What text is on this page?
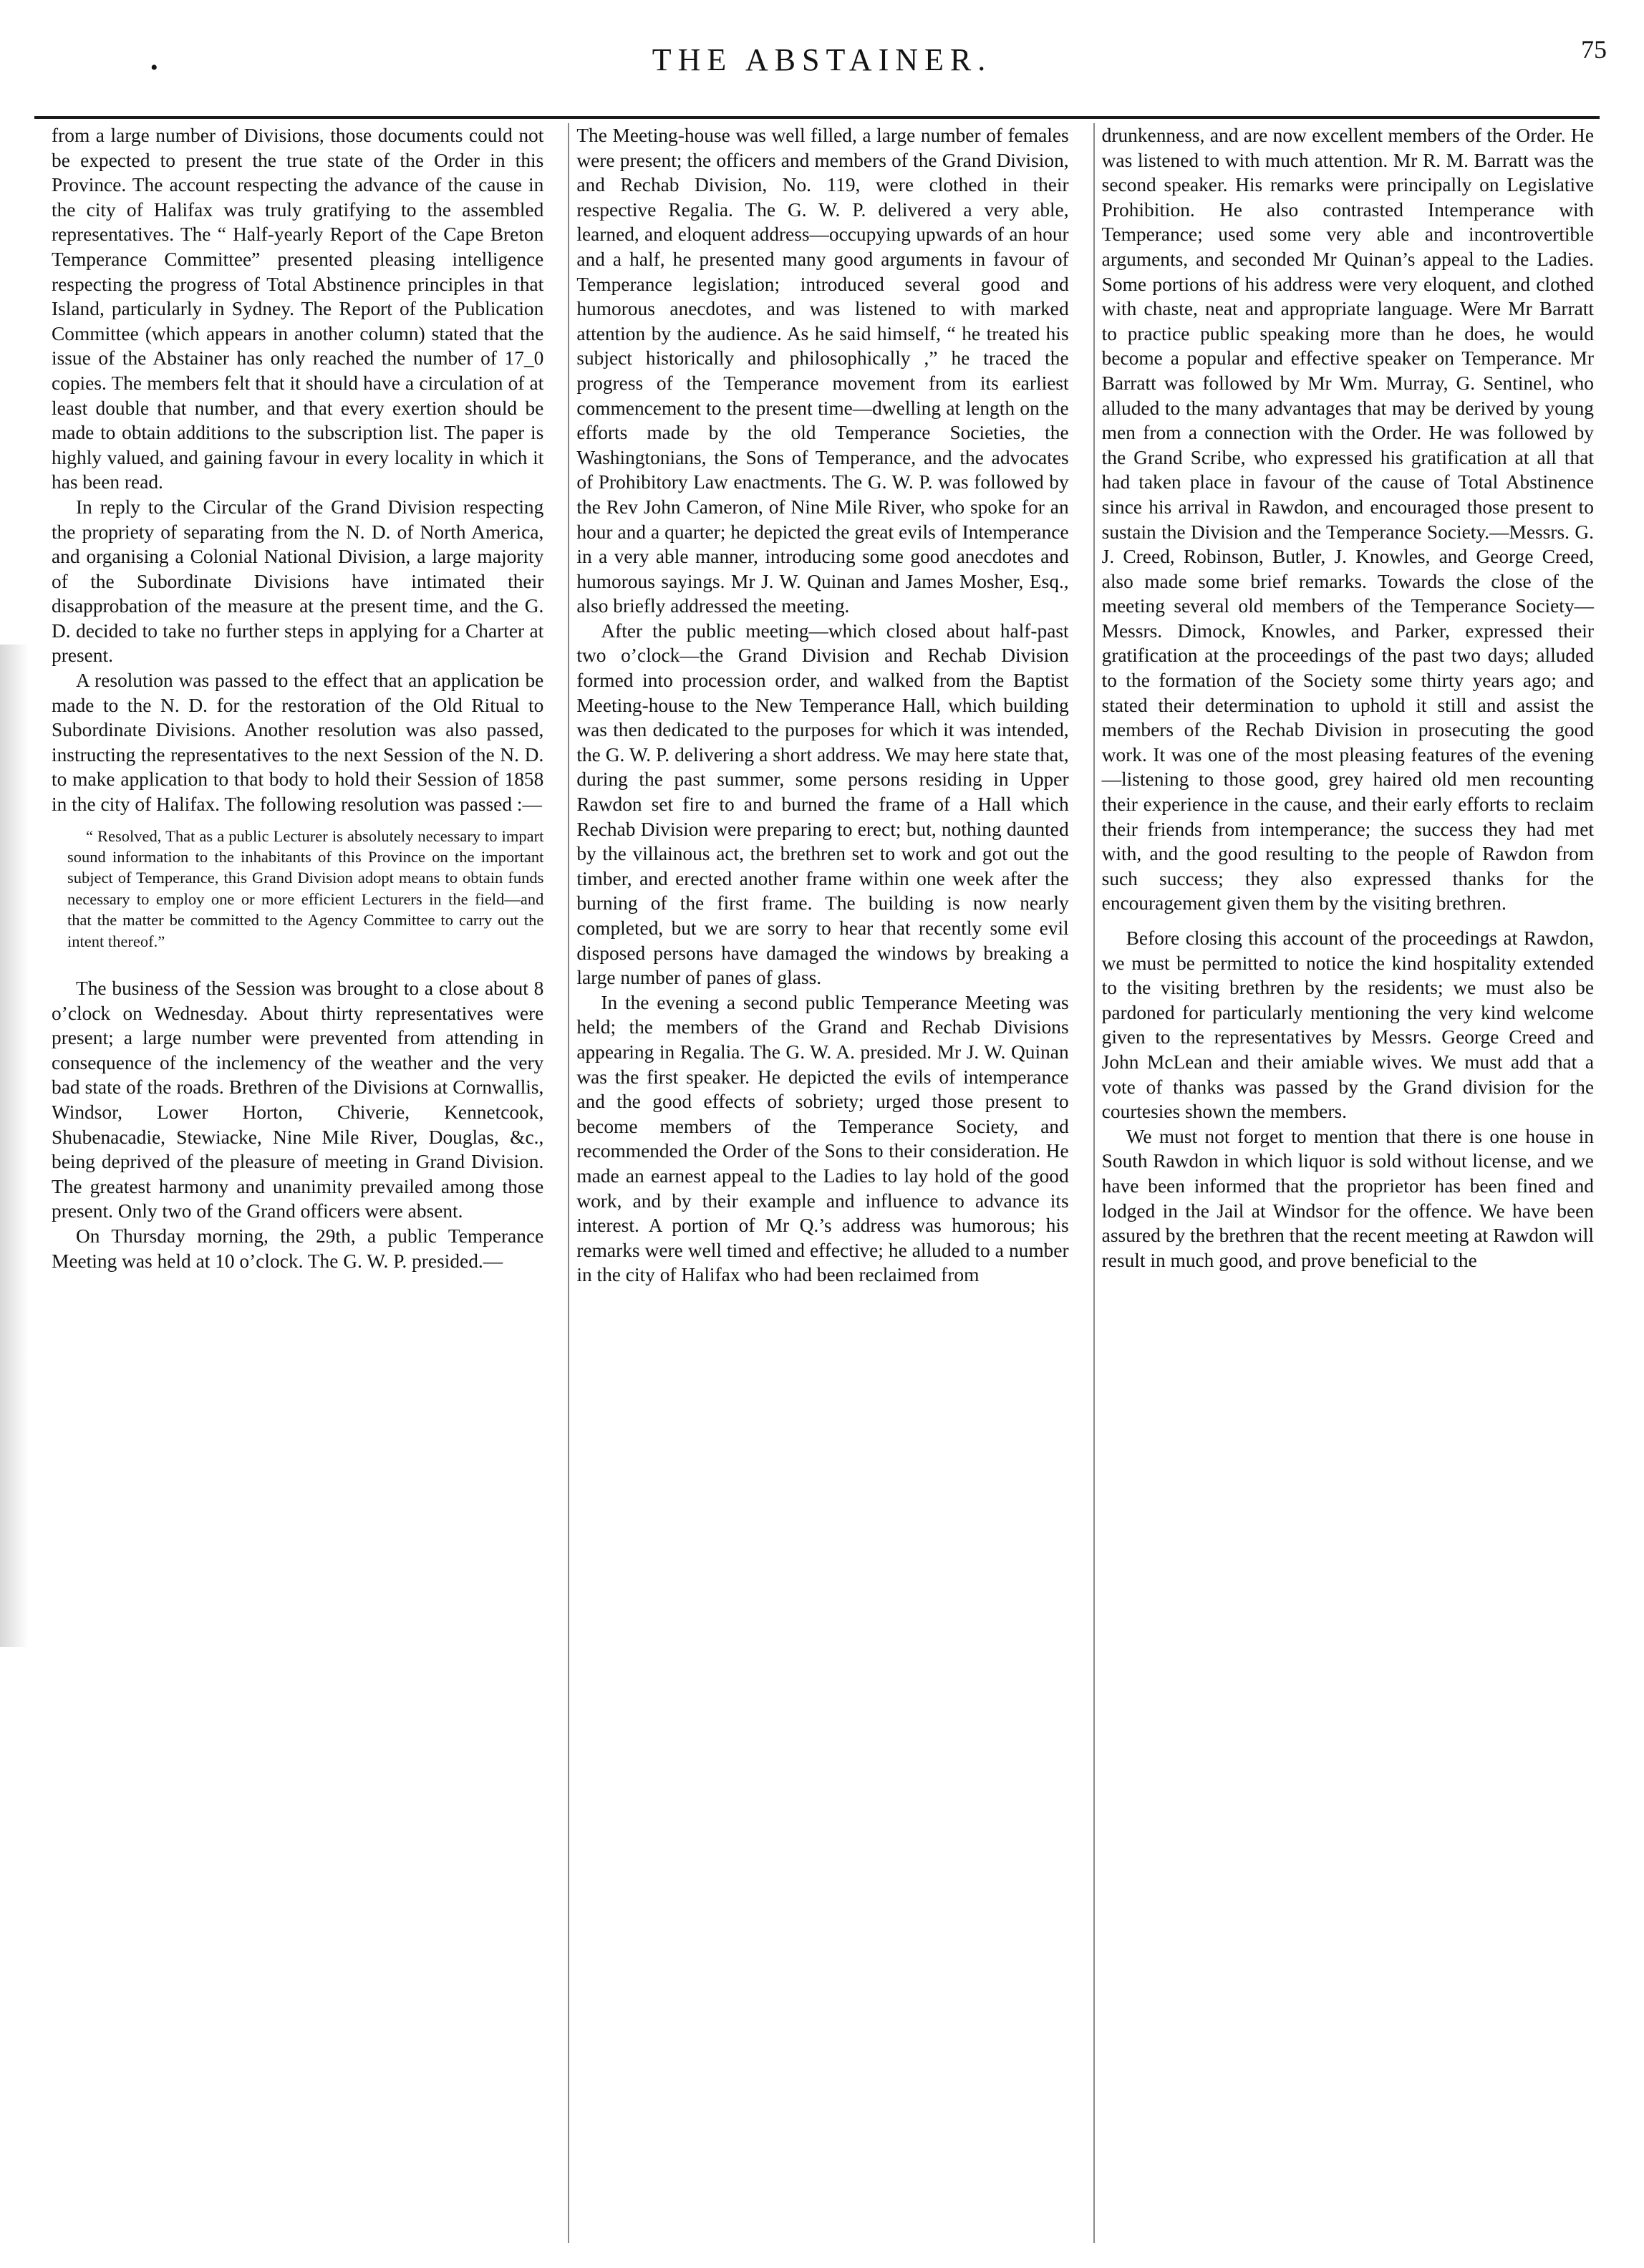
•	THE ABSTAINER.	75

from a large number of Divisions, those documents could not be expected to present the true state of the Order in this Province. The account respecting the advance of the cause in the city of Halifax was truly gratifying to the assembled representatives. The “ Half-yearly Report of the Cape Breton Temperance Committee” presented pleasing intelligence respecting the progress of Total Abstinence principles in that Island, particularly in Sydney. The Report of the Publication Committee (which appears in another column) stated that the issue of the Abstainer has only reached the number of 17_0 copies. The members felt that it should have a circulation of at least double that number, and that every exertion should be made to obtain additions to the subscription list. The paper is highly valued, and gaining favour in every locality in which it has been read.

In reply to the Circular of the Grand Division respecting the propriety of separating from the N. D. of North America, and organising a Colonial National Division, a large majority of the Subordinate Divisions have intimated their disapprobation of the measure at the present time, and the G. D. decided to take no further steps in applying for a Charter at present.

A resolution was passed to the effect that an application be made to the N. D. for the restoration of the Old Ritual to Subordinate Divisions. Another resolution was also passed, instructing the representatives to the next Session of the N. D. to make application to that body to hold their Session of 1858 in the city of Halifax. The following resolution was passed :—

“ Resolved, That as a public Lecturer is absolutely necessary to impart sound information to the inhabitants of this Province on the important subject of Temperance, this Grand Division adopt means to obtain funds necessary to employ one or more efficient Lecturers in the field—and that the matter be committed to the Agency Committee to carry out the intent thereof.”

The business of the Session was brought to a close about 8 o’clock on Wednesday. About thirty representatives were present; a large number were prevented from attending in consequence of the inclemency of the weather and the very bad state of the roads. Brethren of the Divisions at Cornwallis, Windsor, Lower Horton, Chiverie, Kennetcook, Shubenacadie, Stewiacke, Nine Mile River, Douglas, &c., being deprived of the pleasure of meeting in Grand Division. The greatest harmony and unanimity prevailed among those present. Only two of the Grand officers were absent.

On Thursday morning, the 29th, a public Temperance Meeting was held at 10 o’clock. The G. W. P. presided.—

The Meeting-house was well filled, a large number of females were present; the officers and members of the Grand Division, and Rechab Division, No. 119, were clothed in their respective Regalia. The G. W. P. delivered a very able, learned, and eloquent address—occupying upwards of an hour and a half, he presented many good arguments in favour of Temperance legislation; introduced several good and humorous anecdotes, and was listened to with marked attention by the audience. As he said himself, “ he treated his subject historically and philosophically ,” he traced the progress of the Temperance movement from its earliest commencement to the present time—dwelling at length on the efforts made by the old Temperance Societies, the Washingtonians, the Sons of Temperance, and the advocates of Prohibitory Law enactments. The G. W. P. was followed by the Rev John Cameron, of Nine Mile River, who spoke for an hour and a quarter; he depicted the great evils of Intemperance in a very able manner, introducing some good anecdotes and humorous sayings. Mr J. W. Quinan and James Mosher, Esq., also briefly addressed the meeting.

After the public meeting—which closed about half-past two o’clock—the Grand Division and Rechab Division formed into procession order, and walked from the Baptist Meeting-house to the New Temperance Hall, which building was then dedicated to the purposes for which it was intended, the G. W. P. delivering a short address. We may here state that, during the past summer, some persons residing in Upper Rawdon set fire to and burned the frame of a Hall which Rechab Division were preparing to erect; but, nothing daunted by the villainous act, the brethren set to work and got out the timber, and erected another frame within one week after the burning of the first frame. The building is now nearly completed, but we are sorry to hear that recently some evil disposed persons have damaged the windows by breaking a large number of panes of glass.

In the evening a second public Temperance Meeting was held; the members of the Grand and Rechab Divisions appearing in Regalia. The G. W. A. presided. Mr J. W. Quinan was the first speaker. He depicted the evils of intemperance and the good effects of sobriety; urged those present to become members of the Temperance Society, and recommended the Order of the Sons to their consideration. He made an earnest appeal to the Ladies to lay hold of the good work, and by their example and influence to advance its interest. A portion of Mr Q.’s address was humorous; his remarks were well timed and effective; he alluded to a number in the city of Halifax who had been reclaimed from

drunkenness, and are now excellent members of the Order. He was listened to with much attention. Mr R. M. Barratt was the second speaker. His remarks were principally on Legislative Prohibition. He also contrasted Intemperance with Temperance; used some very able and incontrovertible arguments, and seconded Mr Quinan’s appeal to the Ladies. Some portions of his address were very eloquent, and clothed with chaste, neat and appropriate language. Were Mr Barratt to practice public speaking more than he does, he would become a popular and effective speaker on Temperance. Mr Barratt was followed by Mr Wm. Murray, G. Sentinel, who alluded to the many advantages that may be derived by young men from a connection with the Order. He was followed by the Grand Scribe, who expressed his gratification at all that had taken place in favour of the cause of Total Abstinence since his arrival in Rawdon, and encouraged those present to sustain the Division and the Temperance Society.—Messrs. G. J. Creed, Robinson, Butler, J. Knowles, and George Creed, also made some brief remarks. Towards the close of the meeting several old members of the Temperance Society—Messrs. Dimock, Knowles, and Parker, expressed their gratification at the proceedings of the past two days; alluded to the formation of the Society some thirty years ago; and stated their determination to uphold it still and assist the members of the Rechab Division in prosecuting the good work. It was one of the most pleasing features of the evening—listening to those good, grey haired old men recounting their experience in the cause, and their early efforts to reclaim their friends from intemperance; the success they had met with, and the good resulting to the people of Rawdon from such success; they also expressed thanks for the encouragement given them by the visiting brethren.

Before closing this account of the proceedings at Rawdon, we must be permitted to notice the kind hospitality extended to the visiting brethren by the residents; we must also be pardoned for particularly mentioning the very kind welcome given to the representatives by Messrs. George Creed and John McLean and their amiable wives. We must add that a vote of thanks was passed by the Grand division for the courtesies shown the members.

We must not forget to mention that there is one house in South Rawdon in which liquor is sold without license, and we have been informed that the proprietor has been fined and lodged in the Jail at Windsor for the offence. We have been assured by the brethren that the recent meeting at Rawdon will result in much good, and prove beneficial to the
